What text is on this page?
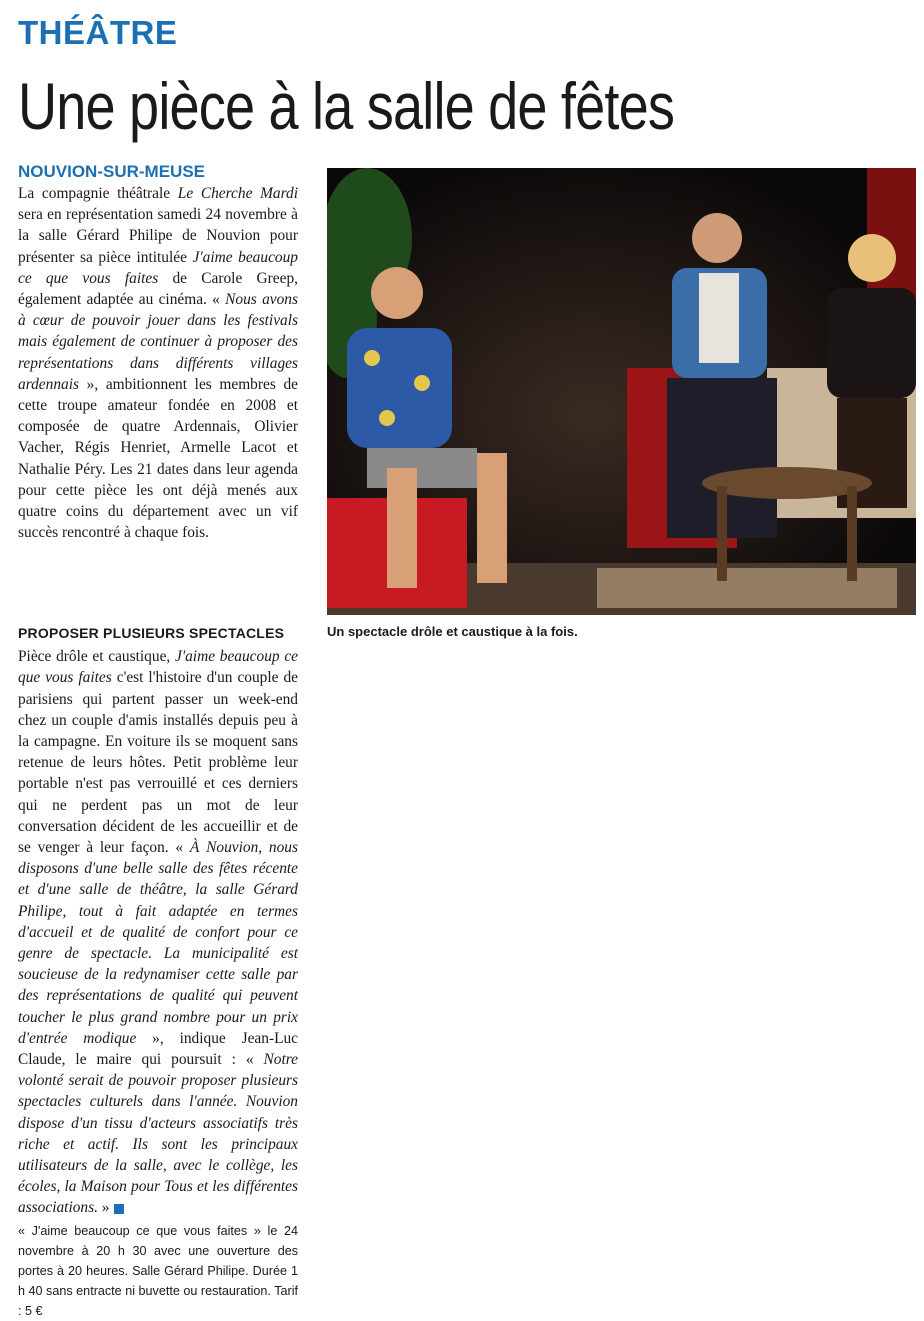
THÉÂTRE
Une pièce à la salle de fêtes
NOUVION-SUR-MEUSE

La compagnie théâtrale Le Cherche Mardi sera en représentation samedi 24 novembre à la salle Gérard Philipe de Nouvion pour présenter sa pièce intitulée J'aime beaucoup ce que vous faites de Carole Greep, également adaptée au cinéma. « Nous avons à cœur de pouvoir jouer dans les festivals mais également de continuer à proposer des représentations dans différents villages ardennais », ambitionnent les membres de cette troupe amateur fondée en 2008 et composée de quatre Ardennais, Olivier Vacher, Régis Henriet, Armelle Lacot et Nathalie Péry. Les 21 dates dans leur agenda pour cette pièce les ont déjà menés aux quatre coins du département avec un vif succès rencontré à chaque fois.

PROPOSER PLUSIEURS SPECTACLES

Pièce drôle et caustique, J'aime beaucoup ce que vous faites c'est l'histoire d'un couple de parisiens qui partent passer un week-end chez un couple d'amis installés depuis peu à la campagne. En voiture ils se moquent sans retenue de leurs hôtes. Petit problème leur portable n'est pas verrouillé et ces derniers qui ne perdent pas un mot de leur conversation décident de les accueillir et de se venger à leur façon. « À Nouvion, nous disposons d'une belle salle des fêtes récente et d'une salle de théâtre, la salle Gérard Philipe, tout à fait adaptée en termes d'accueil et de qualité de confort pour ce genre de spectacle. La municipalité est soucieuse de la redynamiser cette salle par des représentations de qualité qui peuvent toucher le plus grand nombre pour un prix d'entrée modique », indique Jean-Luc Claude, le maire qui poursuit : « Notre volonté serait de pouvoir proposer plusieurs spectacles culturels dans l'année. Nouvion dispose d'un tissu d'acteurs associatifs très riche et actif. Ils sont les principaux utilisateurs de la salle, avec le collège, les écoles, la Maison pour Tous et les différentes associations. »

« J'aime beaucoup ce que vous faites » le 24 novembre à 20 h 30 avec une ouverture des portes à 20 heures. Salle Gérard Philipe. Durée 1 h 40 sans entracte ni buvette ou restauration. Tarif : 5 €
Un spectacle drôle et caustique à la fois.
